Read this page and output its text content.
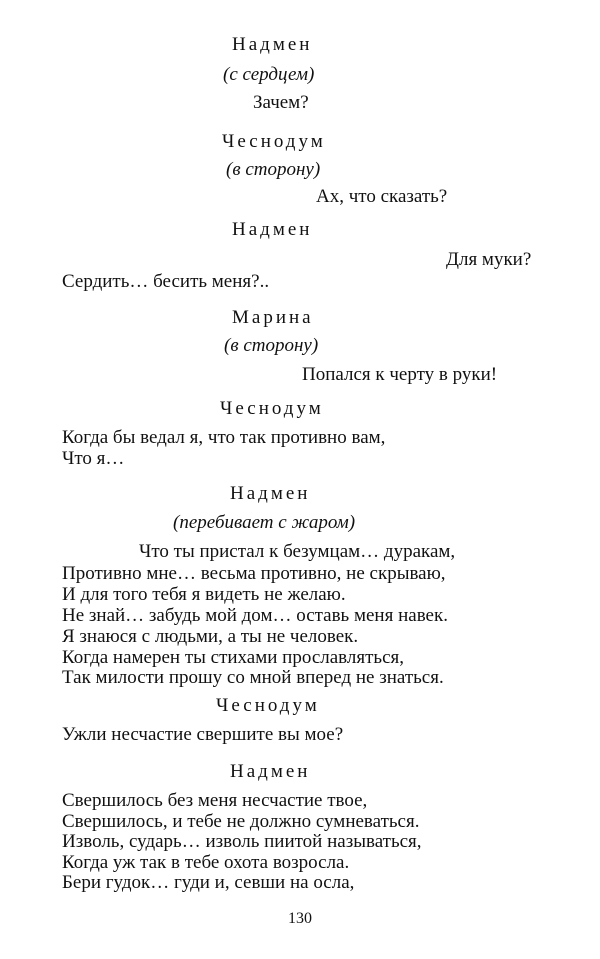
Надмен
(с сердцем)
Зачем?
Чеснодум
(в сторону)
Ах, что сказать?
Надмен
Для муки?
Сердить… бесить меня?..
Марина
(в сторону)
Попался к черту в руки!
Чеснодум
Когда бы ведал я, что так противно вам,
Что я…
Надмен
(перебивает с жаром)
Что ты пристал к безумцам… дуракам,
Противно мне… весьма противно, не скрываю,
И для того тебя я видеть не желаю.
Не знай… забудь мой дом… оставь меня навек.
Я знаюся с людьми, а ты не человек.
Когда намерен ты стихами прославляться,
Так милости прошу со мной вперед не знаться.
Чеснодум
Ужли несчастие свершите вы мое?
Надмен
Свершилось без меня несчастие твое,
Свершилось, и тебе не должно сумневаться.
Изволь, сударь… изволь пиитой называться,
Когда уж так в тебе охота возросла.
Бери гудок… гуди и, севши на осла,
130
